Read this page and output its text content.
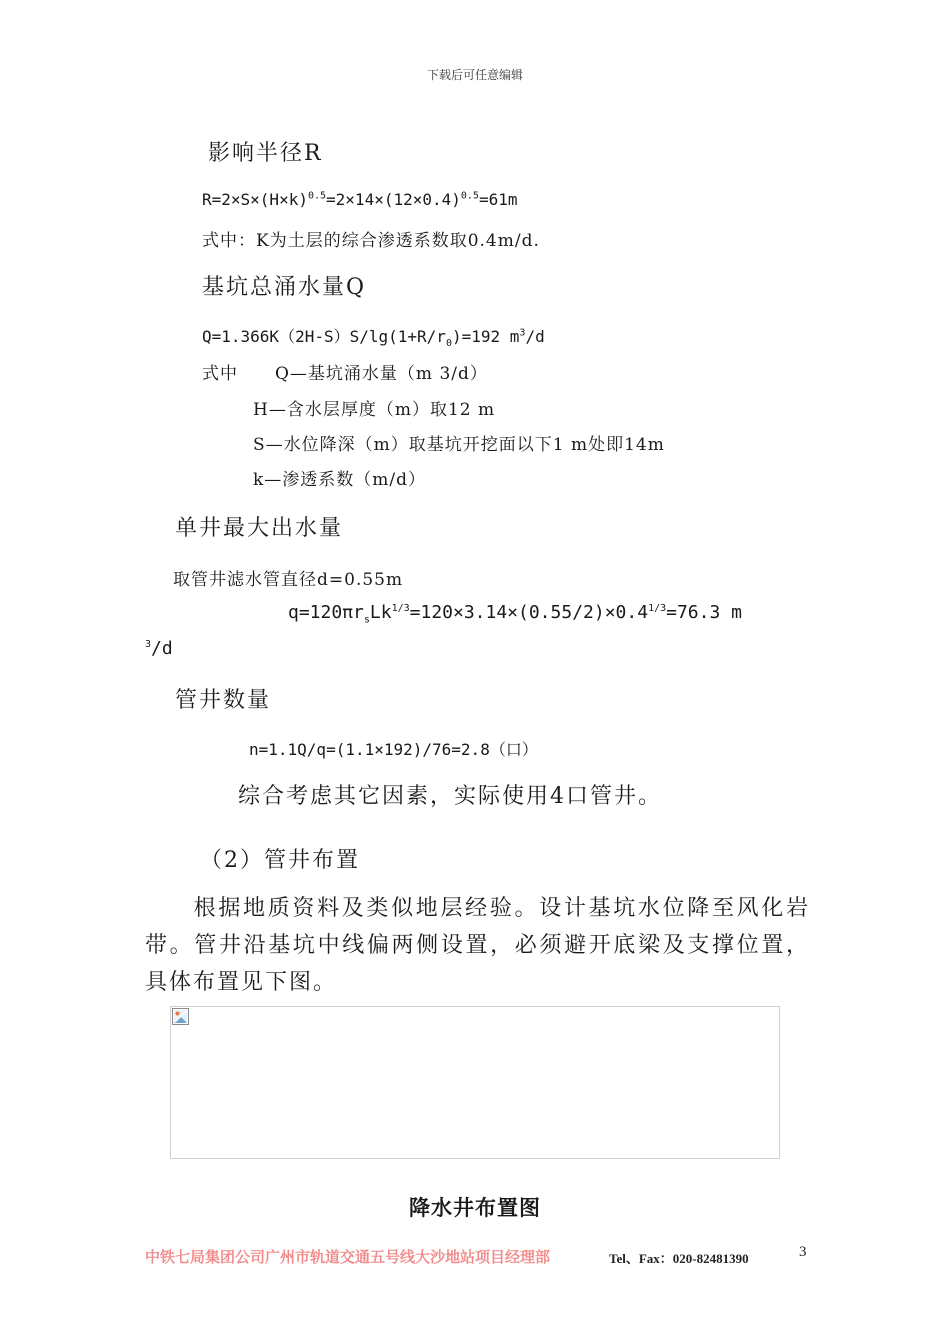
下载后可任意编辑
影响半径R
$R=2\times S\times(H\times k)^{0.5}=2\times 14\times(12\times 0.4)^{0.5}=61m$
式中：K为土层的综合渗透系数取0.4m/d.
基坑总涌水量Q
$Q=1.366K(2H-S)S/\lg(1+R/r_0)=192$ $m^3/d$
式中 Q—基坑涌水量（m 3/d）
H—含水层厚度（m）取12 m
S—水位降深（m）取基坑开挖面以下1 m处即14m
k—渗透系数（m/d）
单井最大出水量
取管井滤水管直径d=0.55m
$q=120\pi r_sLk^{1/3}=120\times 3.14\times(0.55/2)\times 0.4^{1/3}=76.3$ m
$^3$/d
管井数量
n=1.1Q/q=(1.1×192)/76=2.8（口）
综合考虑其它因素，实际使用4口管井。
（2）管井布置
根据地质资料及类似地层经验。设计基坑水位降至风化岩带。管井沿基坑中线偏两侧设置，必须避开底梁及支撑位置，具体布置见下图。
降水井布置图
中铁七局集团公司广州市轨道交通五号线大沙地站项目经理部	Tel、Fax：020-82481390	3
